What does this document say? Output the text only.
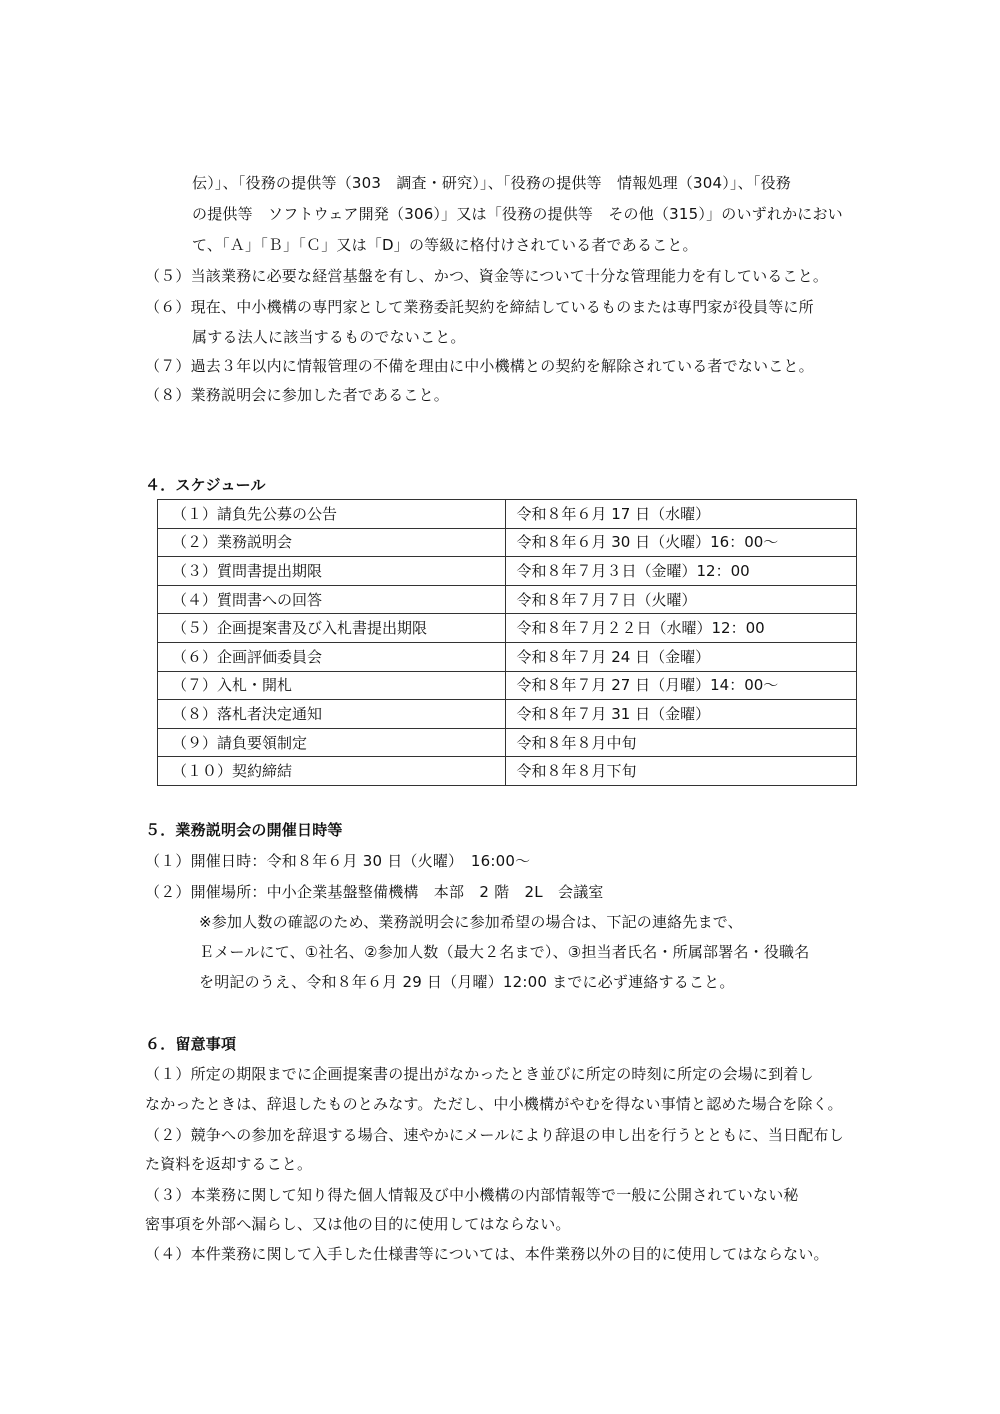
伝）」、「役務の提供等（303　調査・研究）」、「役務の提供等　情報処理（304）」、「役務
の提供等　ソフトウェア開発（306）」又は「役務の提供等　その他（315）」のいずれかにおい
て、「Ａ」「Ｂ」「Ｃ」又は「D」の等級に格付けされている者であること。
（５）当該業務に必要な経営基盤を有し、かつ、資金等について十分な管理能力を有していること。
（６）現在、中小機構の専門家として業務委託契約を締結しているものまたは専門家が役員等に所
属する法人に該当するものでないこと。
（７）過去３年以内に情報管理の不備を理由に中小機構との契約を解除されている者でないこと。
（８）業務説明会に参加した者であること。
４．スケジュール
（１）請負先公募の公告	令和８年６月 17 日（水曜）
（２）業務説明会	令和８年６月 30 日（火曜）16：00～
（３）質問書提出期限	令和８年７月３日（金曜）12：00
（４）質問書への回答	令和８年７月７日（火曜）
（５）企画提案書及び入札書提出期限	令和８年７月２２日（水曜）12：00
（６）企画評価委員会	令和８年７月 24 日（金曜）
（７）入札・開札	令和８年７月 27 日（月曜）14：00～
（８）落札者決定通知	令和８年７月 31 日（金曜）
（９）請負要領制定	令和８年８月中旬
（１０）契約締結	令和８年８月下旬
５．業務説明会の開催日時等
（１）開催日時：令和８年６月 30 日（火曜）　16:00～
（２）開催場所：中小企業基盤整備機構　本部　2 階　2L　会議室
※参加人数の確認のため、業務説明会に参加希望の場合は、下記の連絡先まで、
Ｅメールにて、①社名、②参加人数（最大２名まで）、③担当者氏名・所属部署名・役職名
を明記のうえ、令和８年６月 29 日（月曜）12:00 までに必ず連絡すること。
６．留意事項
（１）所定の期限までに企画提案書の提出がなかったとき並びに所定の時刻に所定の会場に到着し
なかったときは、辞退したものとみなす。ただし、中小機構がやむを得ない事情と認めた場合を除く。
（２）競争への参加を辞退する場合、速やかにメールにより辞退の申し出を行うとともに、当日配布し
た資料を返却すること。
（３）本業務に関して知り得た個人情報及び中小機構の内部情報等で一般に公開されていない秘
密事項を外部へ漏らし、又は他の目的に使用してはならない。
（４）本件業務に関して入手した仕様書等については、本件業務以外の目的に使用してはならない。
